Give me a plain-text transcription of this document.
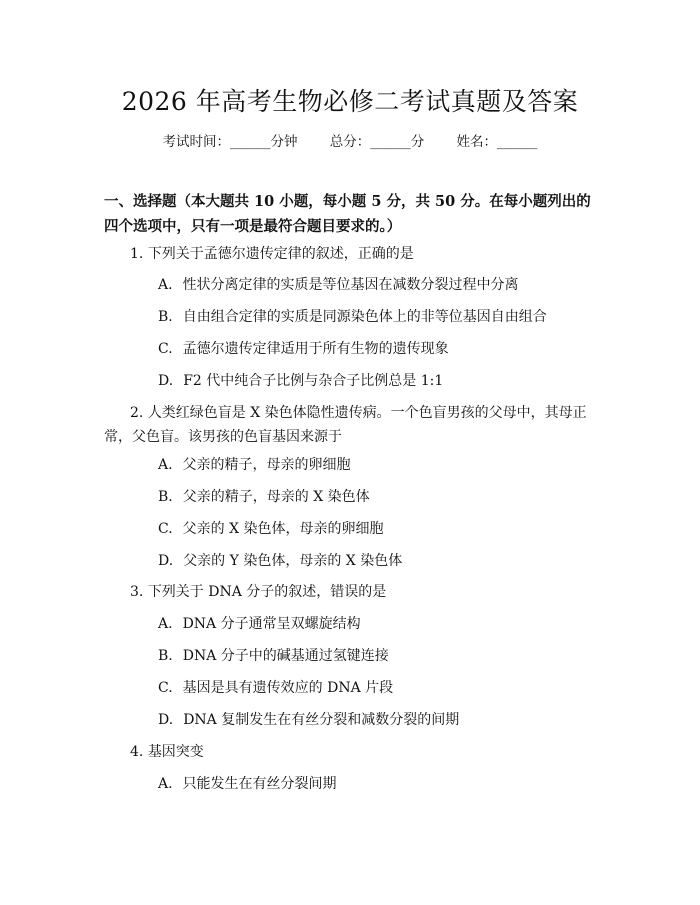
2026 年高考生物必修二考试真题及答案
考试时间：______分钟 总分：______分 姓名：______
一、选择题（本大题共 10 小题，每小题 5 分，共 50 分。在每小题列出的四个选项中，只有一项是最符合题目要求的。）
1. 下列关于孟德尔遗传定律的叙述，正确的是
A. 性状分离定律的实质是等位基因在减数分裂过程中分离
B. 自由组合定律的实质是同源染色体上的非等位基因自由组合
C. 孟德尔遗传定律适用于所有生物的遗传现象
D. F2 代中纯合子比例与杂合子比例总是 1:1
2. 人类红绿色盲是 X 染色体隐性遗传病。一个色盲男孩的父母中，其母正常，父色盲。该男孩的色盲基因来源于
A. 父亲的精子，母亲的卵细胞
B. 父亲的精子，母亲的 X 染色体
C. 父亲的 X 染色体，母亲的卵细胞
D. 父亲的 Y 染色体，母亲的 X 染色体
3. 下列关于 DNA 分子的叙述，错误的是
A. DNA 分子通常呈双螺旋结构
B. DNA 分子中的碱基通过氢键连接
C. 基因是具有遗传效应的 DNA 片段
D. DNA 复制发生在有丝分裂和减数分裂的间期
4. 基因突变
A. 只能发生在有丝分裂间期
